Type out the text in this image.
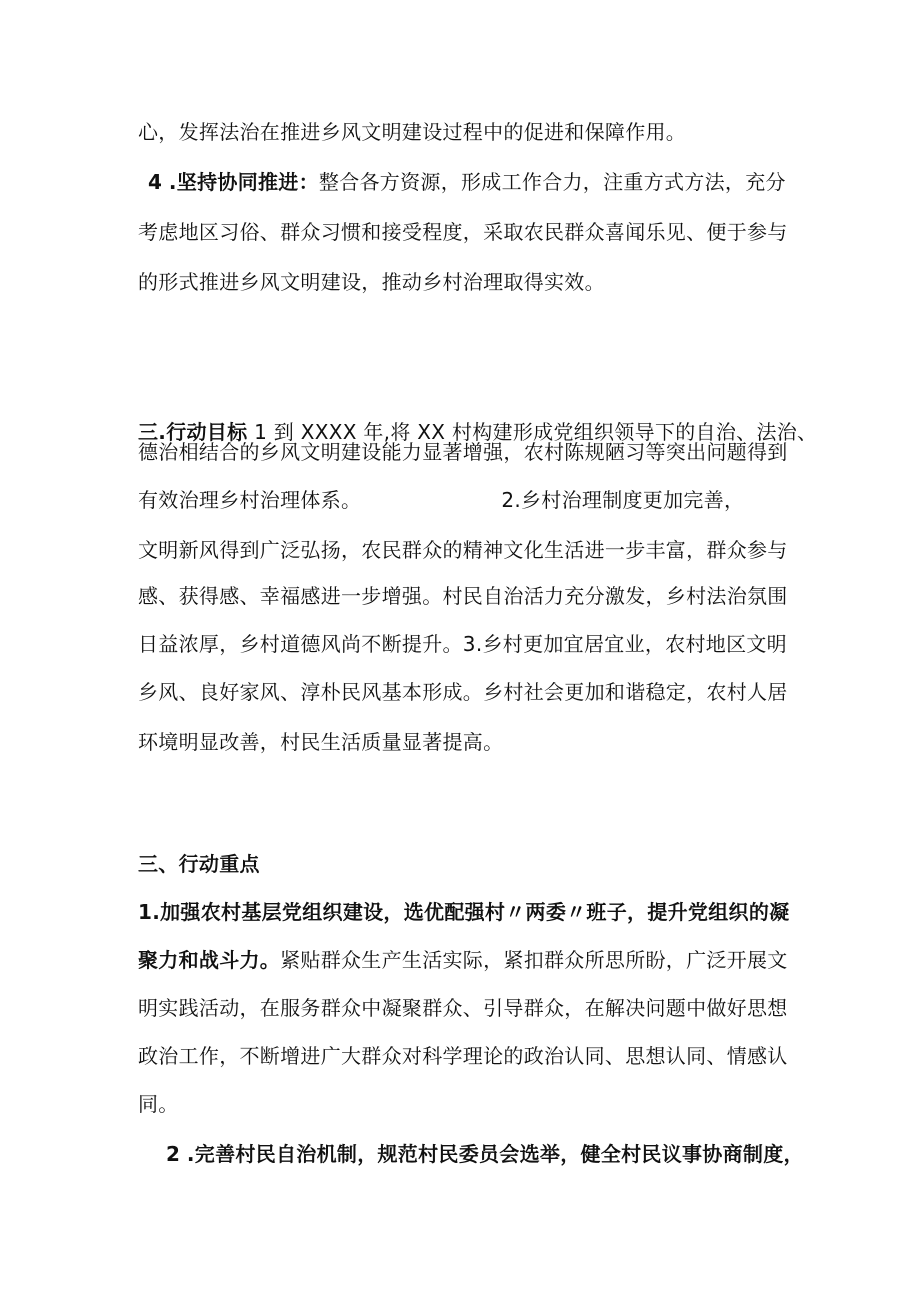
心，发挥法治在推进乡风文明建设过程中的促进和保障作用。
4 .坚持协同推进：整合各方资源，形成工作合力，注重方式方法，充分
考虑地区习俗、群众习惯和接受程度，采取农民群众喜闻乐见、便于参与
的形式推进乡风文明建设，推动乡村治理取得实效。
三.行动目标 1 到 XXXX 年,将 XX 村构建形成党组织领导下的自治、法治、
德治相结合的乡风文明建设能力显著增强，农村陈规陋习等突出问题得到
有效治理乡村治理体系。	2.乡村治理制度更加完善，
文明新风得到广泛弘扬，农民群众的精神文化生活进一步丰富，群众参与
感、获得感、幸福感进一步增强。村民自治活力充分激发，乡村法治氛围
日益浓厚，乡村道德风尚不断提升。3.乡村更加宜居宜业，农村地区文明
乡风、良好家风、淳朴民风基本形成。乡村社会更加和谐稳定，农村人居
环境明显改善，村民生活质量显著提高。
三、行动重点
1.加强农村基层党组织建设，选优配强村〃两委〃班子，提升党组织的凝
聚力和战斗力。紧贴群众生产生活实际，紧扣群众所思所盼，广泛开展文
明实践活动，在服务群众中凝聚群众、引导群众，在解决问题中做好思想
政治工作，不断增进广大群众对科学理论的政治认同、思想认同、情感认
同。
2 .完善村民自治机制，规范村民委员会选举，健全村民议事协商制度，
